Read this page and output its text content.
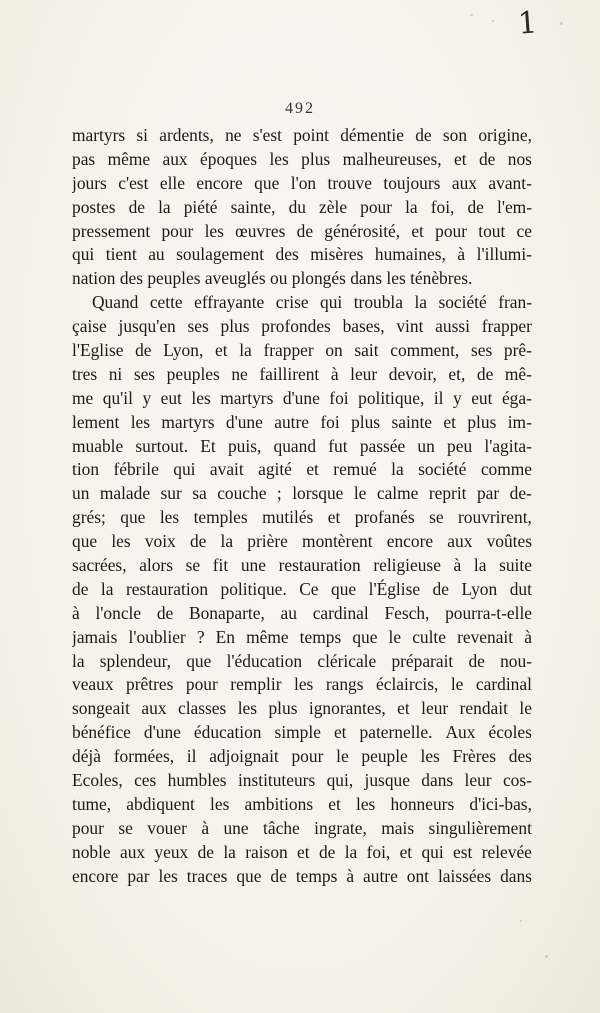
1
492
martyrs si ardents, ne s'est point démentie de son origine,
pas même aux époques les plus malheureuses, et de nos
jours c'est elle encore que l'on trouve toujours aux avant-
postes de la piété sainte, du zèle pour la foi, de l'em-
pressement pour les œuvres de générosité, et pour tout ce
qui tient au soulagement des misères humaines, à l'illumi-
nation des peuples aveuglés ou plongés dans les ténèbres.
Quand cette effrayante crise qui troubla la société fran-
çaise jusqu'en ses plus profondes bases, vint aussi frapper
l'Eglise de Lyon, et la frapper on sait comment, ses prê-
tres ni ses peuples ne faillirent à leur devoir, et, de mê-
me qu'il y eut les martyrs d'une foi politique, il y eut éga-
lement les martyrs d'une autre foi plus sainte et plus im-
muable surtout. Et puis, quand fut passée un peu l'agita-
tion fébrile qui avait agité et remué la société comme
un malade sur sa couche ; lorsque le calme reprit par de-
grés; que les temples mutilés et profanés se rouvrirent,
que les voix de la prière montèrent encore aux voûtes
sacrées, alors se fit une restauration religieuse à la suite
de la restauration politique. Ce que l'Église de Lyon dut
à l'oncle de Bonaparte, au cardinal Fesch, pourra-t-elle
jamais l'oublier ? En même temps que le culte revenait à
la splendeur, que l'éducation cléricale préparait de nou-
veaux prêtres pour remplir les rangs éclaircis, le cardinal
songeait aux classes les plus ignorantes, et leur rendait le
bénéfice d'une éducation simple et paternelle. Aux écoles
déjà formées, il adjoignait pour le peuple les Frères des
Ecoles, ces humbles instituteurs qui, jusque dans leur cos-
tume, abdiquent les ambitions et les honneurs d'ici-bas,
pour se vouer à une tâche ingrate, mais singulièrement
noble aux yeux de la raison et de la foi, et qui est relevée
encore par les traces que de temps à autre ont laissées dans
